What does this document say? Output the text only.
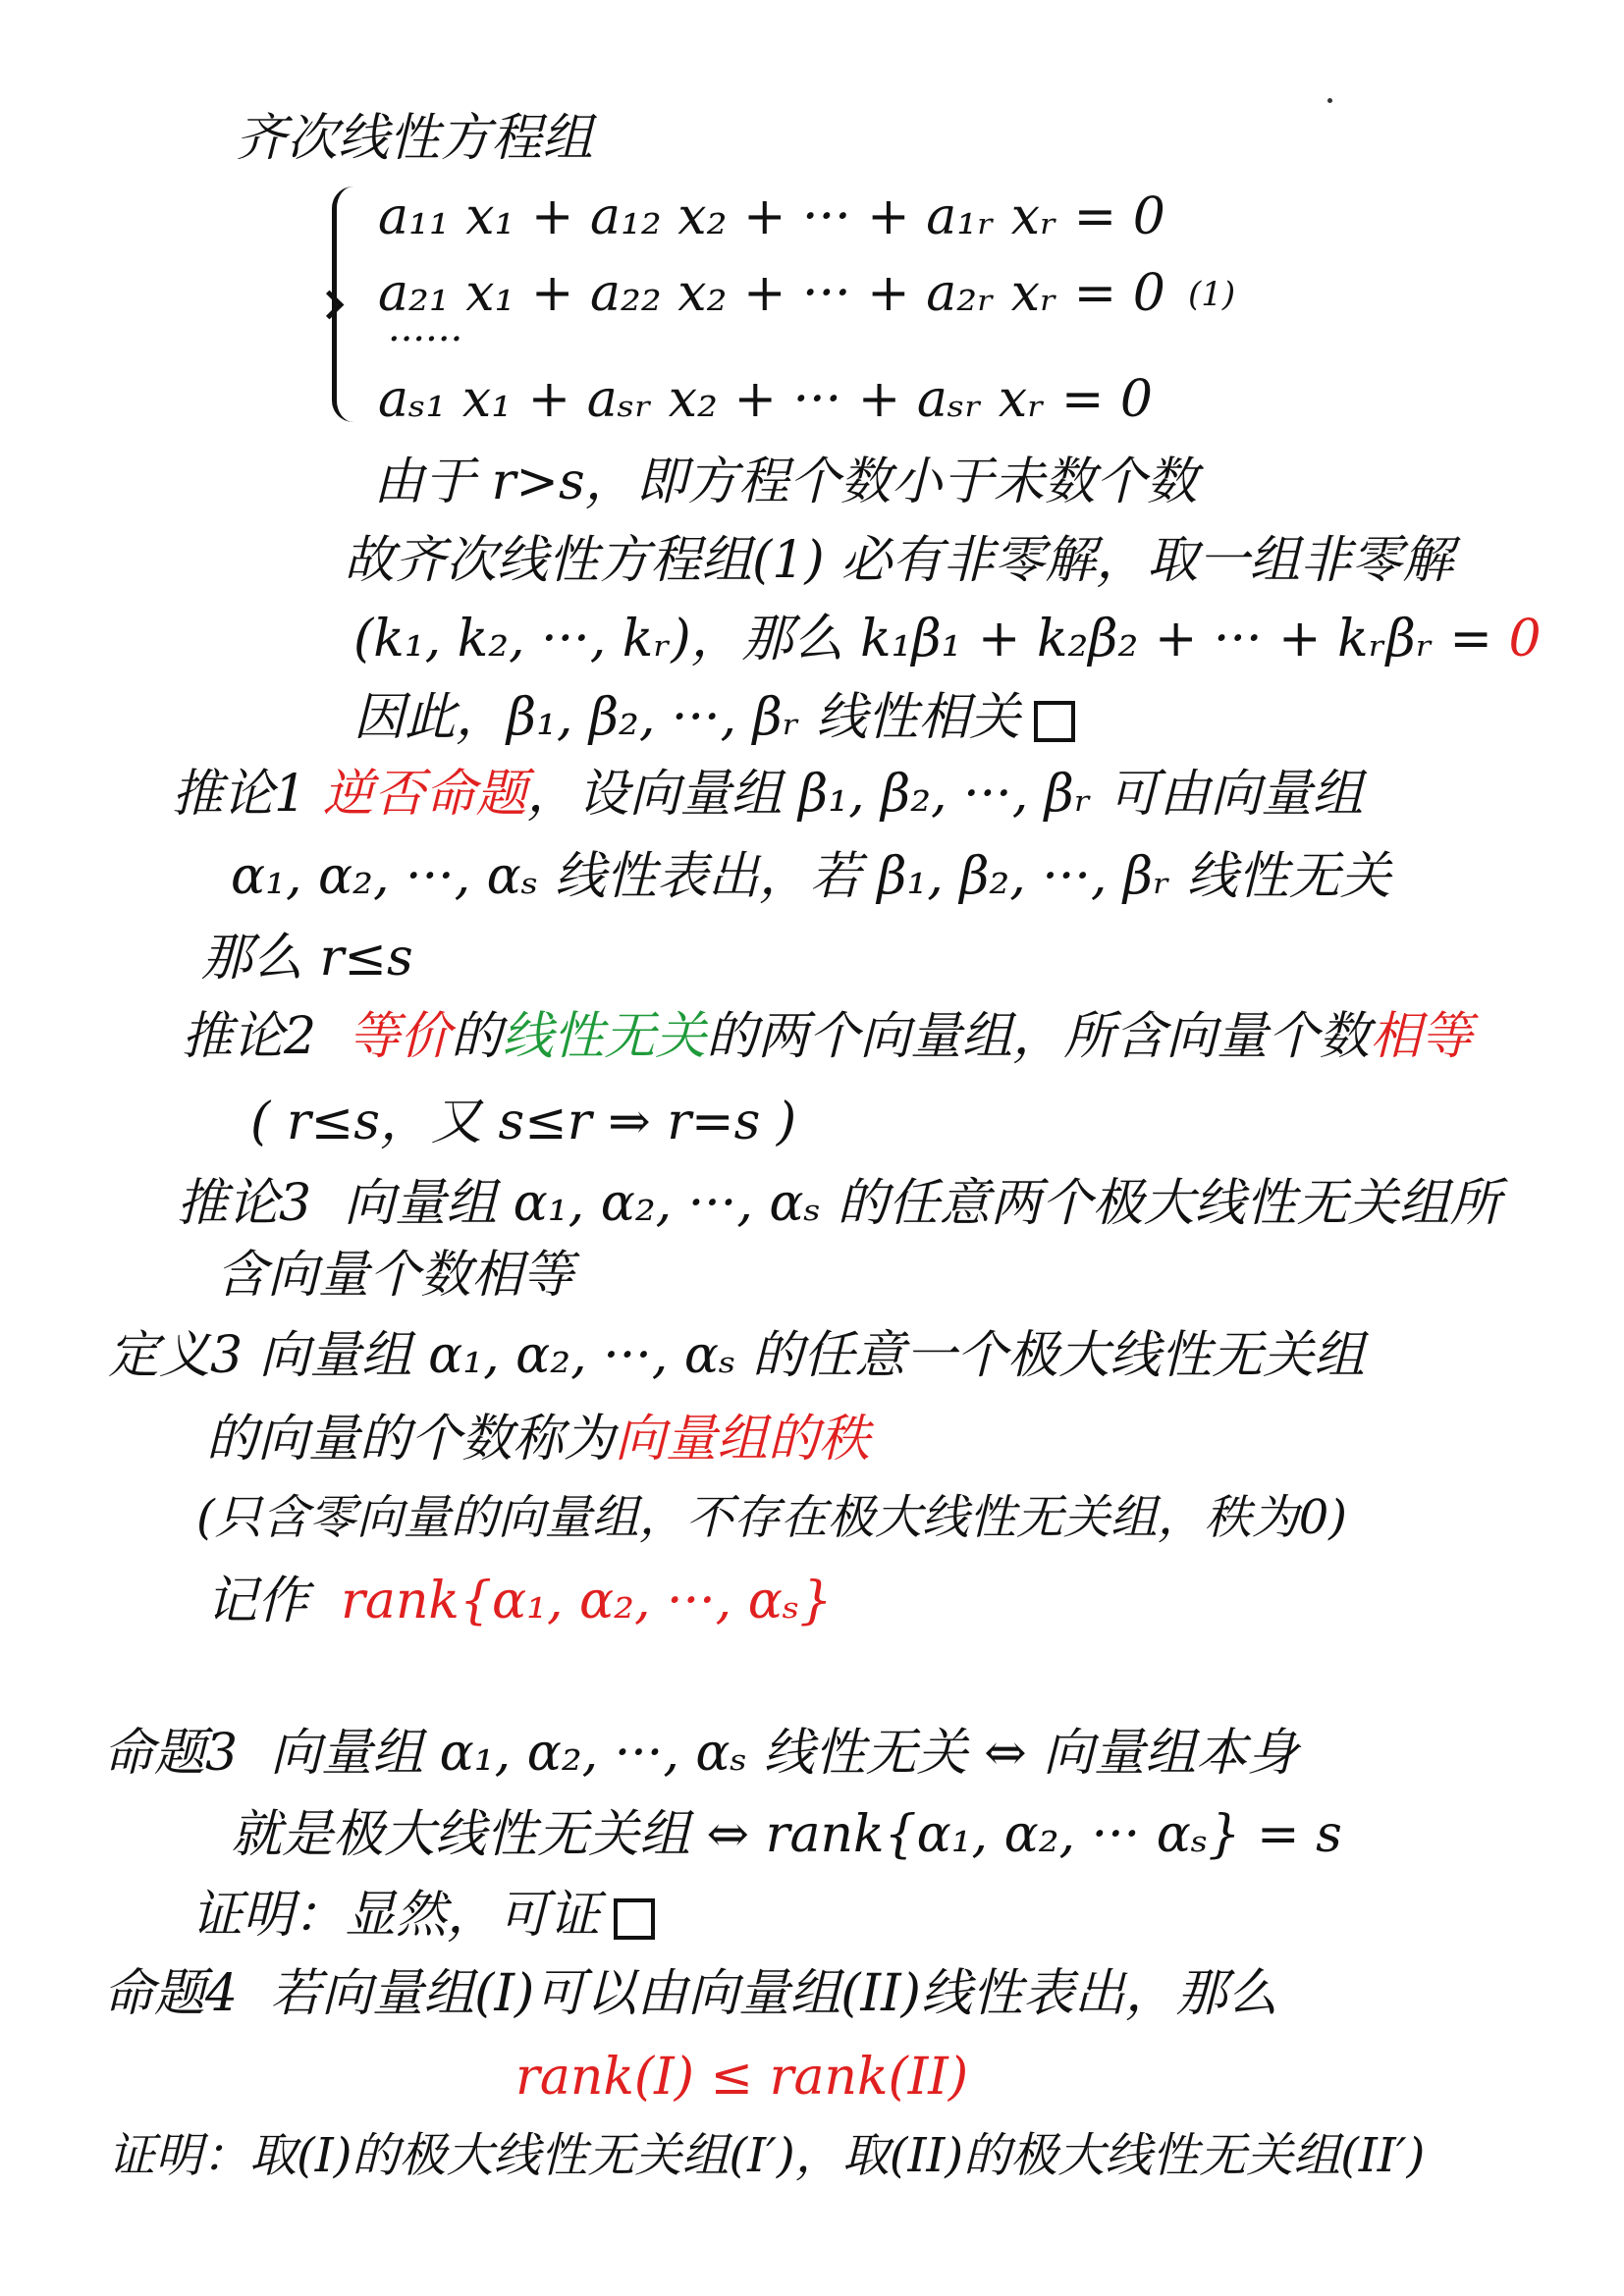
齐次线性方程组
a₁₁ x₁ + a₁₂ x₂ + ··· + a₁ᵣ xᵣ = 0
a₂₁ x₁ + a₂₂ x₂ + ··· + a₂ᵣ xᵣ = 0 (1)
······
aₛ₁ x₁ + aₛᵣ x₂ + ··· + aₛᵣ xᵣ = 0
由于 r>s，即方程个数小于未数个数
故齐次线性方程组(1) 必有非零解，取一组非零解
(k₁, k₂, ···, kᵣ)，那么 k₁β₁ + k₂β₂ + ··· + kᵣβᵣ = 0
因此，β₁, β₂, ···, βᵣ 线性相关
推论1 逆否命题，设向量组 β₁, β₂, ···, βᵣ 可由向量组
α₁, α₂, ···, αₛ 线性表出，若 β₁, β₂, ···, βᵣ 线性无关
那么 r≤s
推论2 等价的线性无关的两个向量组，所含向量个数相等
( r≤s，又 s≤r ⇒ r=s )
推论3 向量组 α₁, α₂, ···, αₛ 的任意两个极大线性无关组所
含向量个数相等
定义3 向量组 α₁, α₂, ···, αₛ 的任意一个极大线性无关组
的向量的个数称为向量组的秩
(只含零向量的向量组，不存在极大线性无关组，秩为0)
记作 rank{α₁, α₂, ···, αₛ}
命题3 向量组 α₁, α₂, ···, αₛ 线性无关 ⇔ 向量组本身
就是极大线性无关组 ⇔ rank{α₁, α₂, ··· αₛ} = s
证明：显然，可证
命题4 若向量组(I)可以由向量组(II)线性表出，那么
rank(I) ≤ rank(II)
证明：取(I)的极大线性无关组(I′)，取(II)的极大线性无关组(II′)
